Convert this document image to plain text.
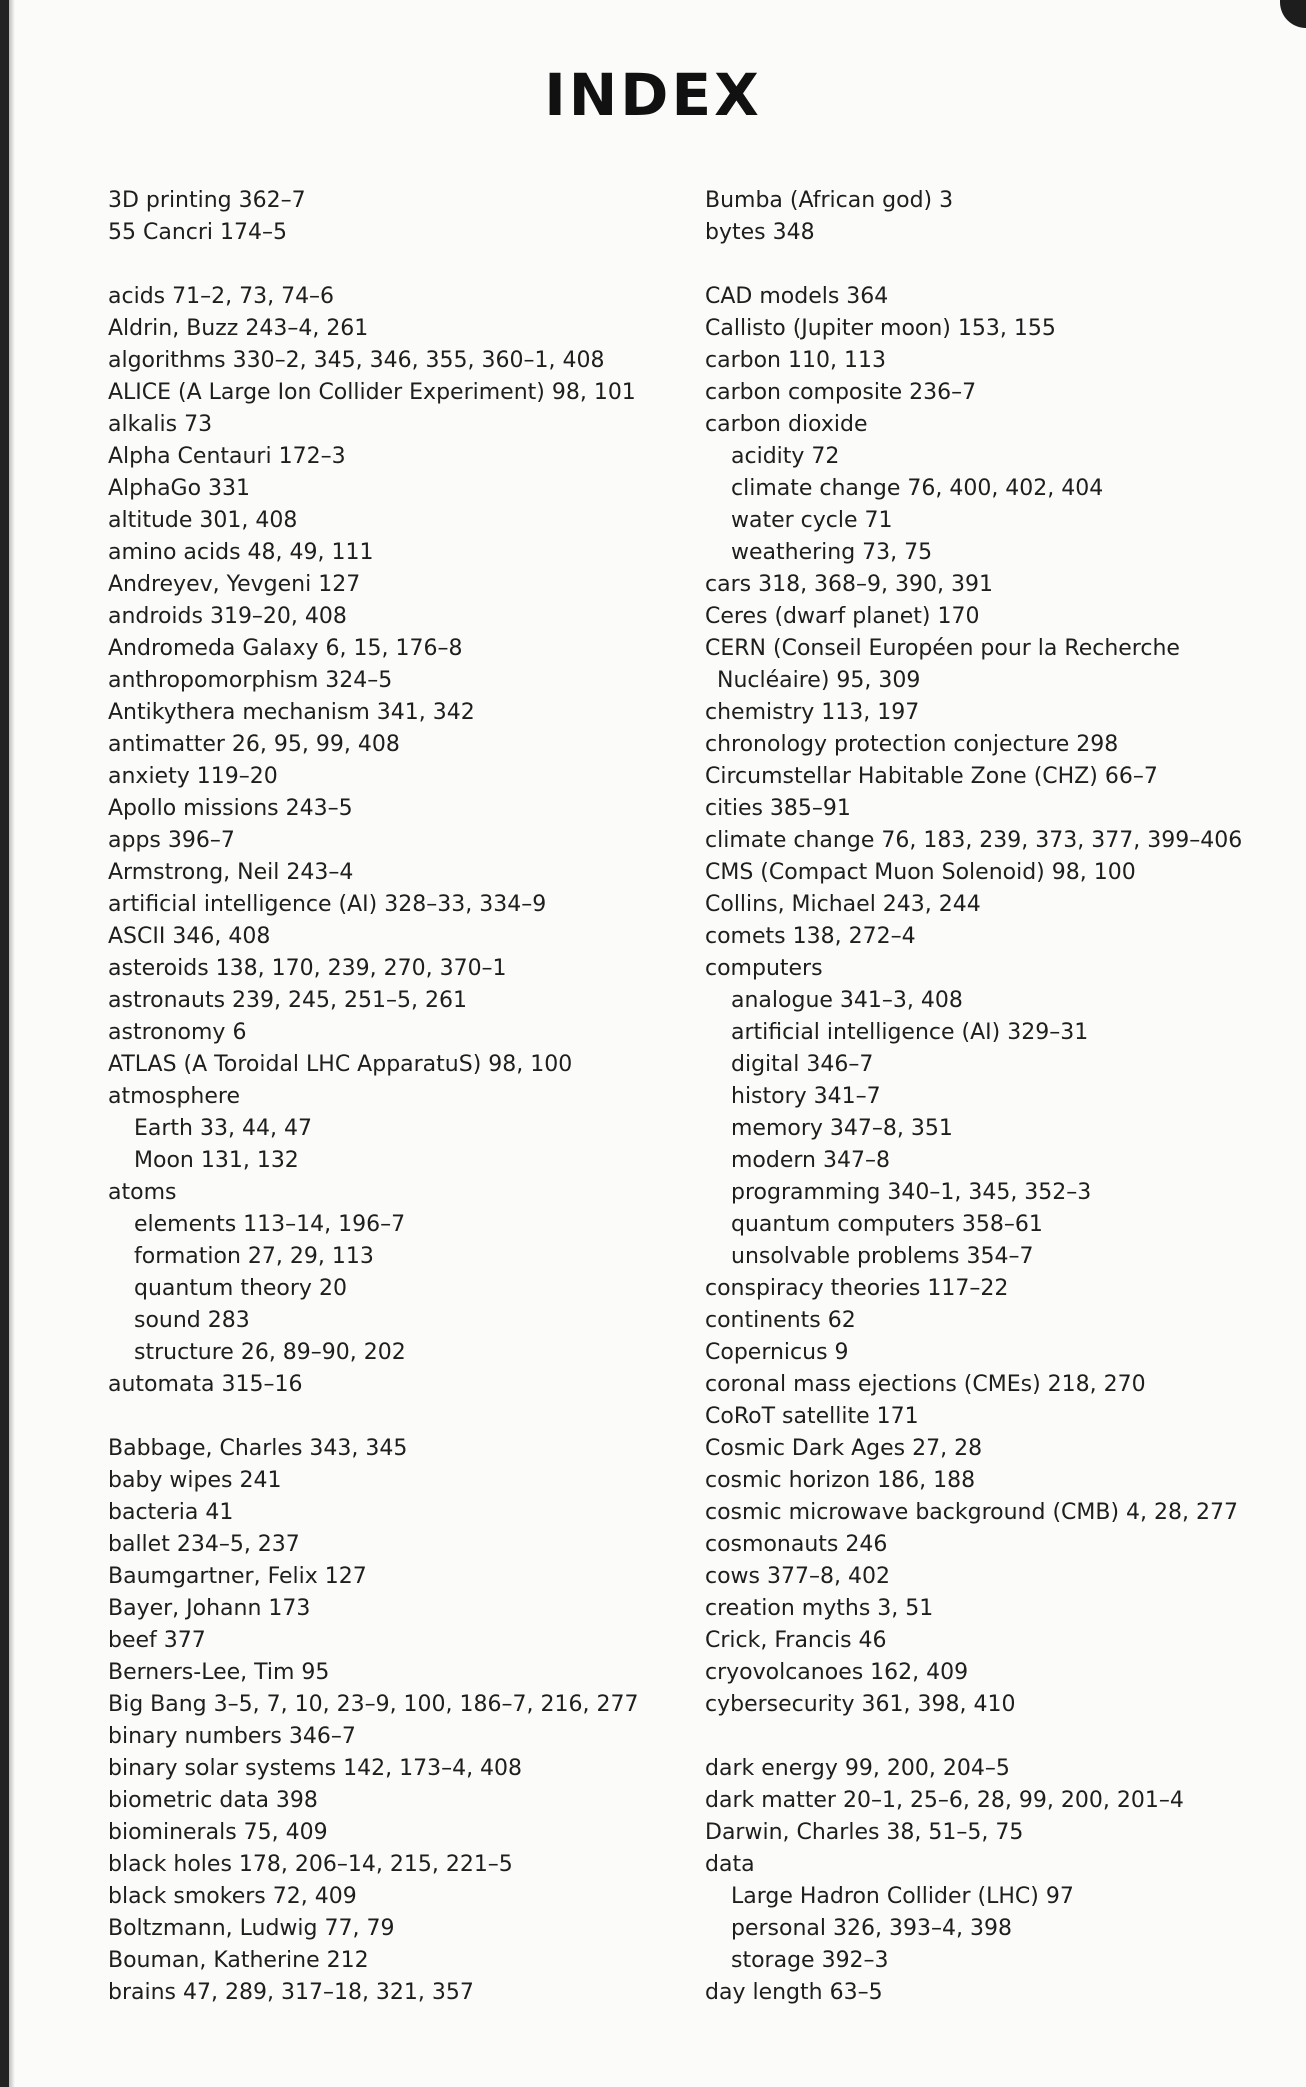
INDEX
3D printing 362–7
55 Cancri 174–5
acids 71–2, 73, 74–6
Aldrin, Buzz 243–4, 261
algorithms 330–2, 345, 346, 355, 360–1, 408
ALICE (A Large Ion Collider Experiment) 98, 101
alkalis 73
Alpha Centauri 172–3
AlphaGo 331
altitude 301, 408
amino acids 48, 49, 111
Andreyev, Yevgeni 127
androids 319–20, 408
Andromeda Galaxy 6, 15, 176–8
anthropomorphism 324–5
Antikythera mechanism 341, 342
antimatter 26, 95, 99, 408
anxiety 119–20
Apollo missions 243–5
apps 396–7
Armstrong, Neil 243–4
artificial intelligence (AI) 328–33, 334–9
ASCII 346, 408
asteroids 138, 170, 239, 270, 370–1
astronauts 239, 245, 251–5, 261
astronomy 6
ATLAS (A Toroidal LHC ApparatuS) 98, 100
atmosphere
Earth 33, 44, 47
Moon 131, 132
atoms
elements 113–14, 196–7
formation 27, 29, 113
quantum theory 20
sound 283
structure 26, 89–90, 202
automata 315–16
Babbage, Charles 343, 345
baby wipes 241
bacteria 41
ballet 234–5, 237
Baumgartner, Felix 127
Bayer, Johann 173
beef 377
Berners-Lee, Tim 95
Big Bang 3–5, 7, 10, 23–9, 100, 186–7, 216, 277
binary numbers 346–7
binary solar systems 142, 173–4, 408
biometric data 398
biominerals 75, 409
black holes 178, 206–14, 215, 221–5
black smokers 72, 409
Boltzmann, Ludwig 77, 79
Bouman, Katherine 212
brains 47, 289, 317–18, 321, 357
Bumba (African god) 3
bytes 348
CAD models 364
Callisto (Jupiter moon) 153, 155
carbon 110, 113
carbon composite 236–7
carbon dioxide
acidity 72
climate change 76, 400, 402, 404
water cycle 71
weathering 73, 75
cars 318, 368–9, 390, 391
Ceres (dwarf planet) 170
CERN (Conseil Européen pour la Recherche
Nucléaire) 95, 309
chemistry 113, 197
chronology protection conjecture 298
Circumstellar Habitable Zone (CHZ) 66–7
cities 385–91
climate change 76, 183, 239, 373, 377, 399–406
CMS (Compact Muon Solenoid) 98, 100
Collins, Michael 243, 244
comets 138, 272–4
computers
analogue 341–3, 408
artificial intelligence (AI) 329–31
digital 346–7
history 341–7
memory 347–8, 351
modern 347–8
programming 340–1, 345, 352–3
quantum computers 358–61
unsolvable problems 354–7
conspiracy theories 117–22
continents 62
Copernicus 9
coronal mass ejections (CMEs) 218, 270
CoRoT satellite 171
Cosmic Dark Ages 27, 28
cosmic horizon 186, 188
cosmic microwave background (CMB) 4, 28, 277
cosmonauts 246
cows 377–8, 402
creation myths 3, 51
Crick, Francis 46
cryovolcanoes 162, 409
cybersecurity 361, 398, 410
dark energy 99, 200, 204–5
dark matter 20–1, 25–6, 28, 99, 200, 201–4
Darwin, Charles 38, 51–5, 75
data
Large Hadron Collider (LHC) 97
personal 326, 393–4, 398
storage 392–3
day length 63–5
